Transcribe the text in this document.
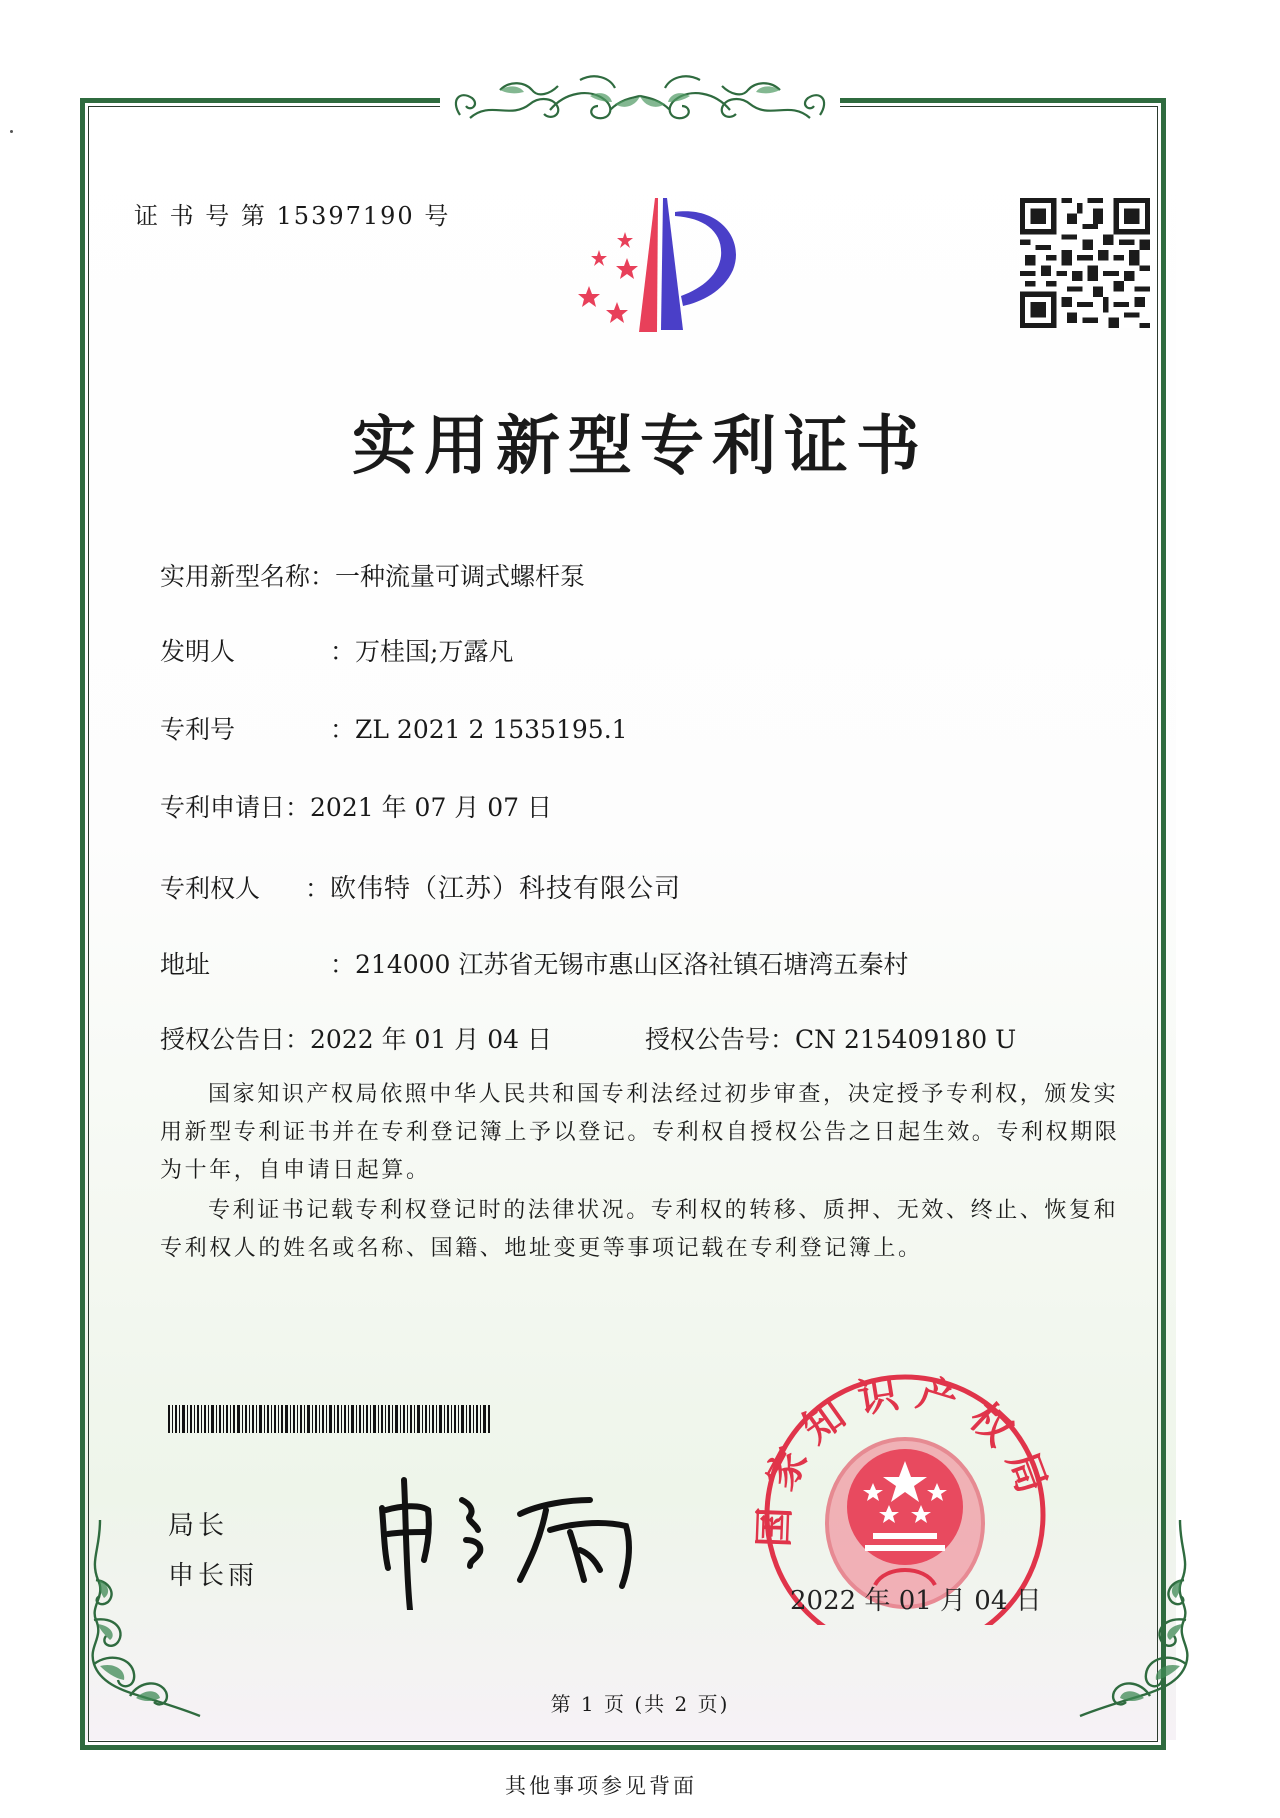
证 书 号 第 15397190 号
实用新型专利证书
实用新型名称：一种流量可调式螺杆泵
发明人	：万桂国;万露凡
专利号	：ZL 2021 2 1535195.1
专利申请日：2021 年 07 月 07 日
专利权人 ：欧伟特（江苏）科技有限公司
地址	：214000 江苏省无锡市惠山区洛社镇石塘湾五秦村
授权公告日：2022 年 01 月 04 日	授权公告号：CN 215409180 U
国家知识产权局依照中华人民共和国专利法经过初步审查，决定授予专利权，颁发实用新型专利证书并在专利登记簿上予以登记。专利权自授权公告之日起生效。专利权期限为十年，自申请日起算。
专利证书记载专利权登记时的法律状况。专利权的转移、质押、无效、终止、恢复和专利权人的姓名或名称、国籍、地址变更等事项记载在专利登记簿上。
局长
申长雨
国家知识产权局
2022 年 01 月 04 日
第 1 页 (共 2 页)
其他事项参见背面
